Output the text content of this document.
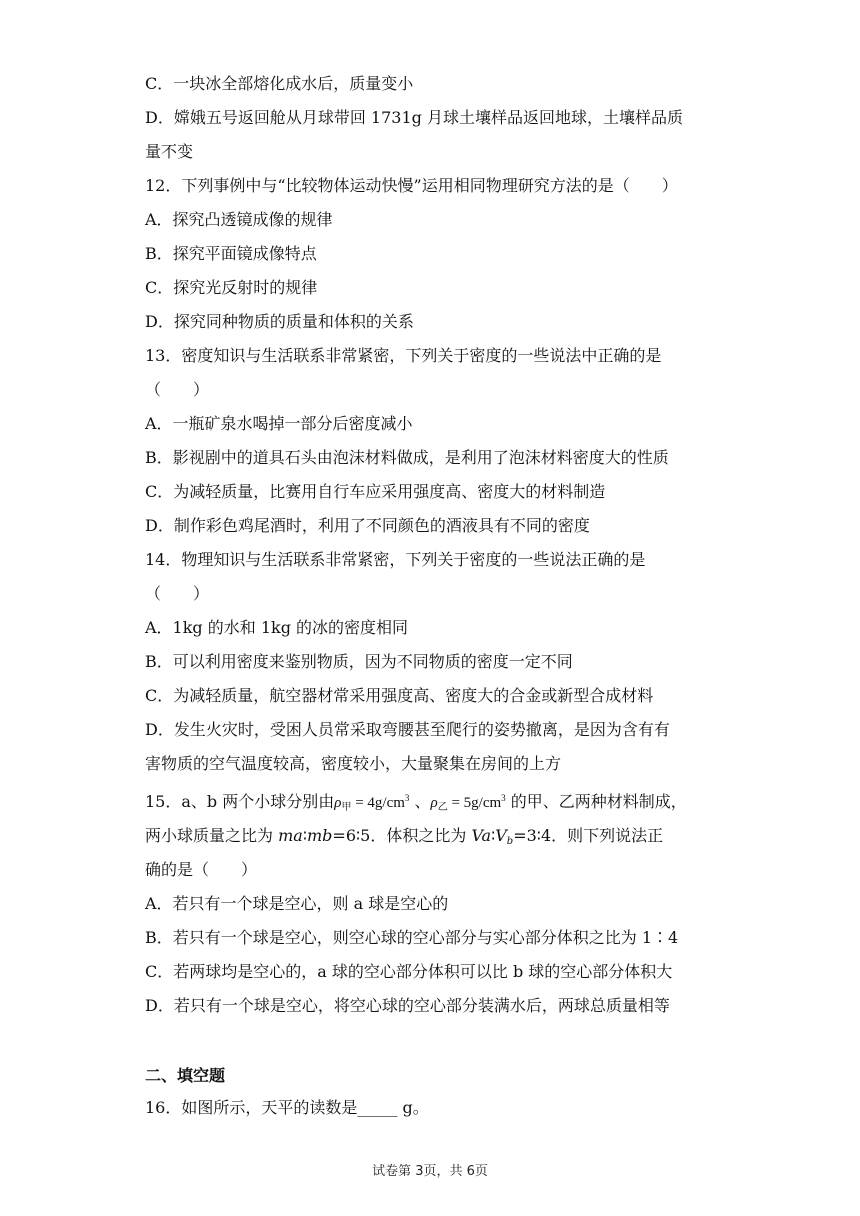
C．一块冰全部熔化成水后，质量变小
D．嫦娥五号返回舱从月球带回 1731g 月球土壤样品返回地球，土壤样品质
量不变
12．下列事例中与“比较物体运动快慢”运用相同物理研究方法的是（　　）
A．探究凸透镜成像的规律
B．探究平面镜成像特点
C．探究光反射时的规律
D．探究同种物质的质量和体积的关系
13．密度知识与生活联系非常紧密，下列关于密度的一些说法中正确的是
（　　）
A．一瓶矿泉水喝掉一部分后密度减小
B．影视剧中的道具石头由泡沫材料做成，是利用了泡沫材料密度大的性质
C．为减轻质量，比赛用自行车应采用强度高、密度大的材料制造
D．制作彩色鸡尾酒时，利用了不同颜色的酒液具有不同的密度
14．物理知识与生活联系非常紧密，下列关于密度的一些说法正确的是
（　　）
A．1kg 的水和 1kg 的冰的密度相同
B．可以利用密度来鉴别物质，因为不同物质的密度一定不同
C．为减轻质量，航空器材常采用强度高、密度大的合金或新型合成材料
D．发生火灾时，受困人员常采取弯腰甚至爬行的姿势撤离，是因为含有有
害物质的空气温度较高，密度较小，大量聚集在房间的上方
15．a、b 两个小球分别由$\rho_甲 = 4g/cm^3$ 、$\rho_乙 = 5g/cm^3$ 的甲、乙两种材料制成，
两小球质量之比为 ma∶mb=6∶5．体积之比为 $Va∶V_b=3∶4$．则下列说法正
确的是（　　）
A．若只有一个球是空心，则 a 球是空心的
B．若只有一个球是空心，则空心球的空心部分与实心部分体积之比为 1∶4
C．若两球均是空心的，a 球的空心部分体积可以比 b 球的空心部分体积大
D．若只有一个球是空心，将空心球的空心部分装满水后，两球总质量相等
二、填空题
16．如图所示，天平的读数是_____ g。
试卷第 3页，共 6页
